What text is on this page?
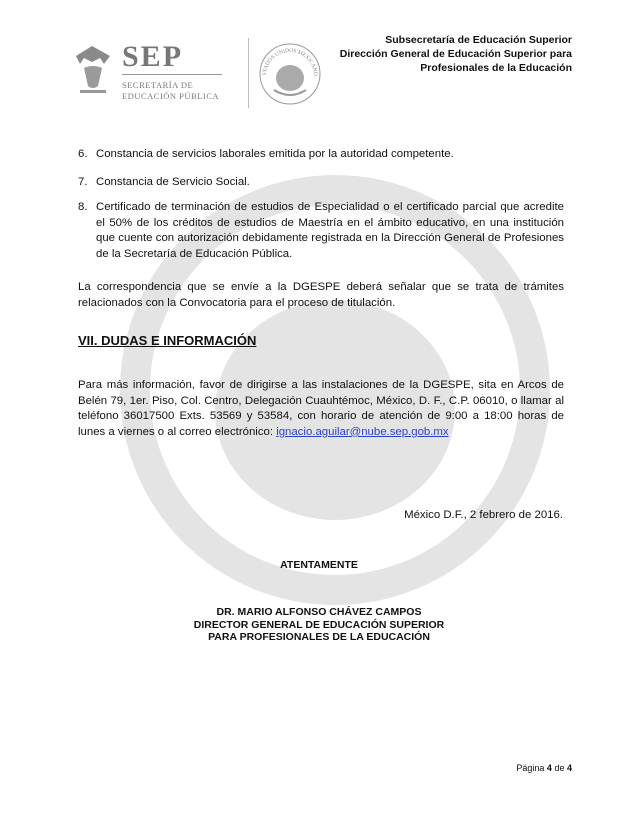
SEP
SECRETARÍA DE
EDUCACIÓN PÚBLICA
STADOS UNIDOS MEXICANO
Subsecretaría de Educación Superior
Dirección General de Educación Superior para
Profesionales de la Educación
6. Constancia de servicios laborales emitida por la autoridad competente.
7. Constancia de Servicio Social.
8. Certificado de terminación de estudios de Especialidad o el certificado parcial que acredite el 50% de los créditos de estudios de Maestría en el ámbito educativo, en una institución que cuente con autorización debidamente registrada en la Dirección General de Profesiones de la Secretaría de Educación Pública.
La correspondencia que se envíe a la DGESPE deberá señalar que se trata de trámites relacionados con la Convocatoria para el proceso de titulación.
VII. DUDAS E INFORMACIÓN
Para más información, favor de dirigirse a las instalaciones de la DGESPE, sita en Arcos de Belén 79, 1er. Piso, Col. Centro, Delegación Cuauhtémoc, México, D. F., C.P. 06010, o llamar al teléfono 36017500 Exts. 53569 y 53584, con horario de atención de 9:00 a 18:00 horas de lunes a viernes o al correo electrónico: ignacio.aguilar@nube.sep.gob.mx
México D.F., 2 febrero de 2016.
ATENTAMENTE
DR. MARIO ALFONSO CHÁVEZ CAMPOS
DIRECTOR GENERAL DE EDUCACIÓN SUPERIOR
PARA PROFESIONALES DE LA EDUCACIÓN
Página 4 de 4
